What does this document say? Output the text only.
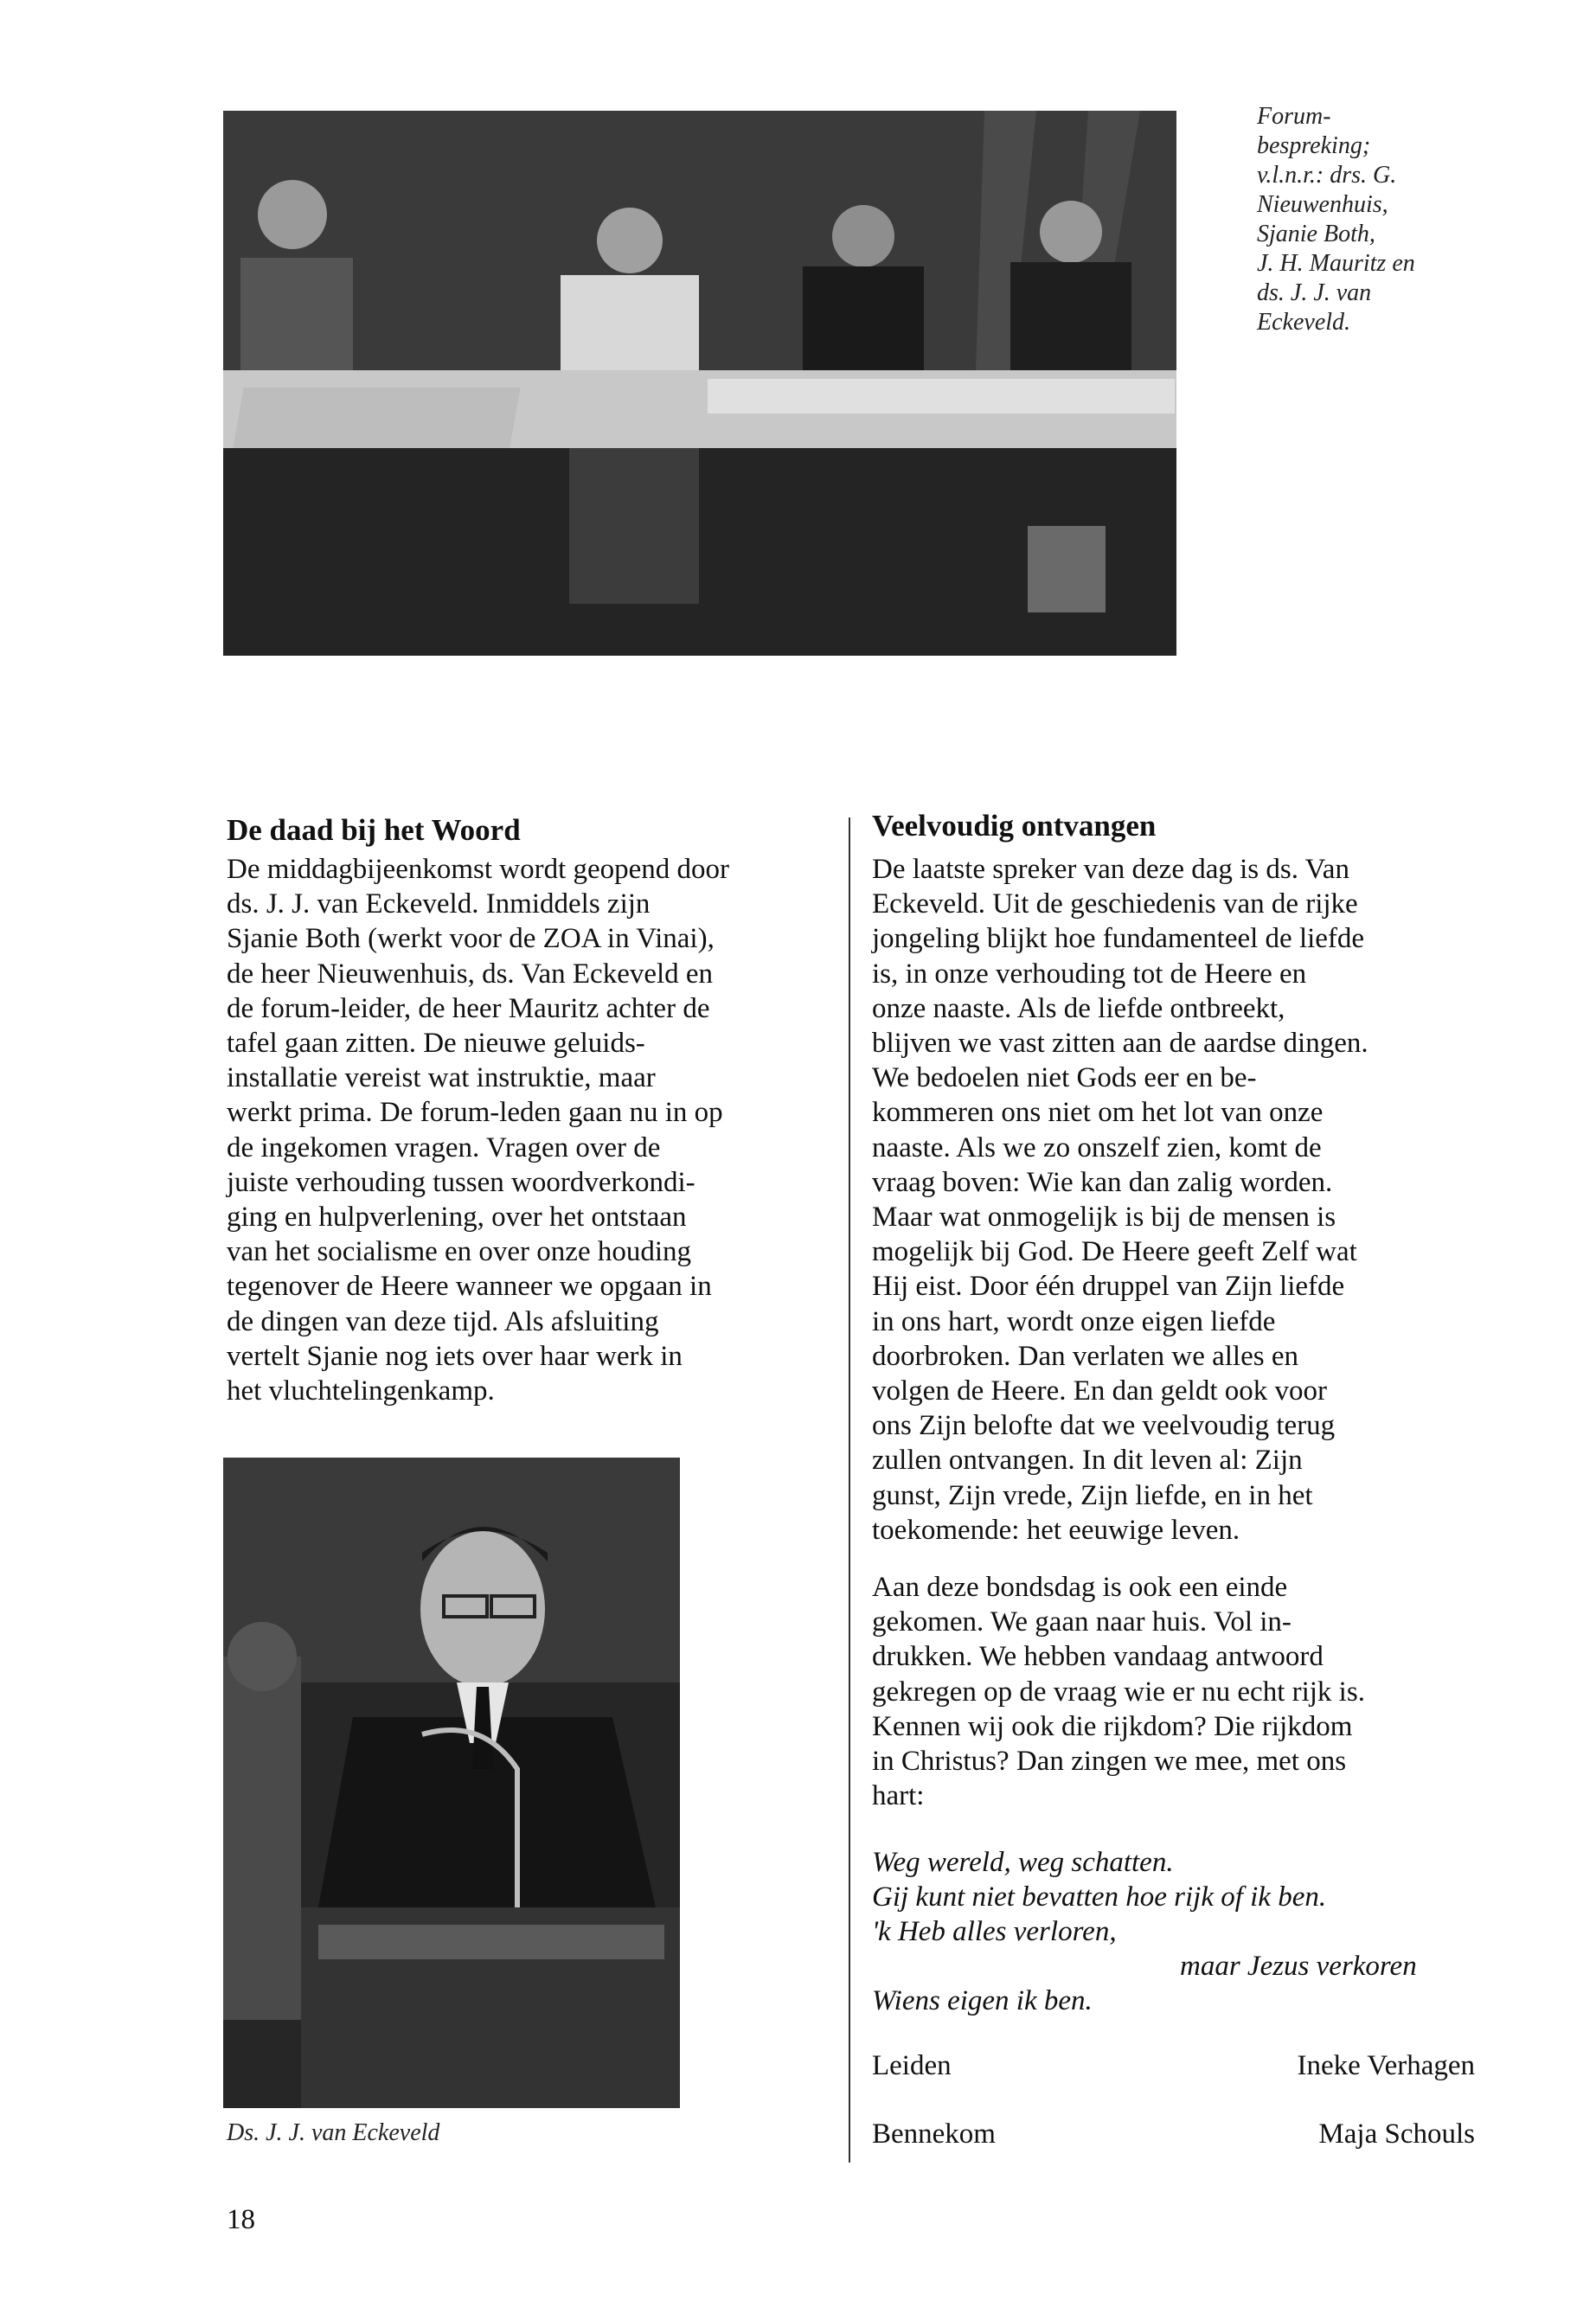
Forum-
bespreking;
v.l.n.r.: drs. G.
Nieuwenhuis,
Sjanie Both,
J. H. Mauritz en
ds. J. J. van
Eckeveld.
De daad bij het Woord
De middagbijeenkomst wordt geopend door
ds. J. J. van Eckeveld. Inmiddels zijn
Sjanie Both (werkt voor de ZOA in Vinai),
de heer Nieuwenhuis, ds. Van Eckeveld en
de forum-leider, de heer Mauritz achter de
tafel gaan zitten. De nieuwe geluids-
installatie vereist wat instruktie, maar
werkt prima. De forum-leden gaan nu in op
de ingekomen vragen. Vragen over de
juiste verhouding tussen woordverkondi-
ging en hulpverlening, over het ontstaan
van het socialisme en over onze houding
tegenover de Heere wanneer we opgaan in
de dingen van deze tijd. Als afsluiting
vertelt Sjanie nog iets over haar werk in
het vluchtelingenkamp.
Ds. J. J. van Eckeveld
Veelvoudig ontvangen
De laatste spreker van deze dag is ds. Van
Eckeveld. Uit de geschiedenis van de rijke
jongeling blijkt hoe fundamenteel de liefde
is, in onze verhouding tot de Heere en
onze naaste. Als de liefde ontbreekt,
blijven we vast zitten aan de aardse dingen.
We bedoelen niet Gods eer en be-
kommeren ons niet om het lot van onze
naaste. Als we zo onszelf zien, komt de
vraag boven: Wie kan dan zalig worden.
Maar wat onmogelijk is bij de mensen is
mogelijk bij God. De Heere geeft Zelf wat
Hij eist. Door één druppel van Zijn liefde
in ons hart, wordt onze eigen liefde
doorbroken. Dan verlaten we alles en
volgen de Heere. En dan geldt ook voor
ons Zijn belofte dat we veelvoudig terug
zullen ontvangen. In dit leven al: Zijn
gunst, Zijn vrede, Zijn liefde, en in het
toekomende: het eeuwige leven.
Aan deze bondsdag is ook een einde
gekomen. We gaan naar huis. Vol in-
drukken. We hebben vandaag antwoord
gekregen op de vraag wie er nu echt rijk is.
Kennen wij ook die rijkdom? Die rijkdom
in Christus? Dan zingen we mee, met ons
hart:
Weg wereld, weg schatten.
Gij kunt niet bevatten hoe rijk of ik ben.
'k Heb alles verloren,
maar Jezus verkoren
Wiens eigen ik ben.
Leiden	Ineke Verhagen
Bennekom	Maja Schouls
18
